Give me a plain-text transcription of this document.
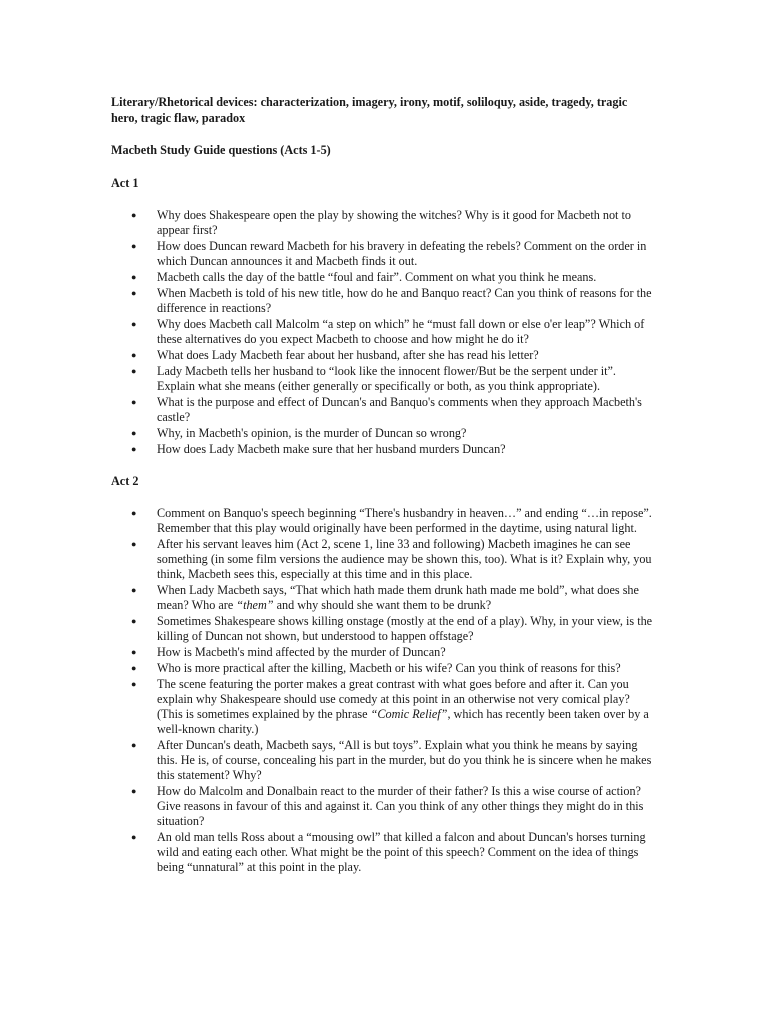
Literary/Rhetorical devices: characterization, imagery, irony, motif, soliloquy, aside, tragedy, tragic hero, tragic flaw, paradox
Macbeth Study Guide questions (Acts 1-5)
Act 1
● Why does Shakespeare open the play by showing the witches? Why is it good for Macbeth not to appear first?
● How does Duncan reward Macbeth for his bravery in defeating the rebels? Comment on the order in which Duncan announces it and Macbeth finds it out.
● Macbeth calls the day of the battle “foul and fair”. Comment on what you think he means.
● When Macbeth is told of his new title, how do he and Banquo react? Can you think of reasons for the difference in reactions?
● Why does Macbeth call Malcolm “a step on which” he “must fall down or else o'er leap”? Which of these alternatives do you expect Macbeth to choose and how might he do it?
● What does Lady Macbeth fear about her husband, after she has read his letter?
● Lady Macbeth tells her husband to “look like the innocent flower/But be the serpent under it”. Explain what she means (either generally or specifically or both, as you think appropriate).
● What is the purpose and effect of Duncan's and Banquo's comments when they approach Macbeth's castle?
● Why, in Macbeth's opinion, is the murder of Duncan so wrong?
● How does Lady Macbeth make sure that her husband murders Duncan?
Act 2
● Comment on Banquo's speech beginning “There's husbandry in heaven…” and ending “…in repose”. Remember that this play would originally have been performed in the daytime, using natural light.
● After his servant leaves him (Act 2, scene 1, line 33 and following) Macbeth imagines he can see something (in some film versions the audience may be shown this, too). What is it? Explain why, you think, Macbeth sees this, especially at this time and in this place.
● When Lady Macbeth says, “That which hath made them drunk hath made me bold”, what does she mean? Who are “them” and why should she want them to be drunk?
● Sometimes Shakespeare shows killing onstage (mostly at the end of a play). Why, in your view, is the killing of Duncan not shown, but understood to happen offstage?
● How is Macbeth's mind affected by the murder of Duncan?
● Who is more practical after the killing, Macbeth or his wife? Can you think of reasons for this?
● The scene featuring the porter makes a great contrast with what goes before and after it. Can you explain why Shakespeare should use comedy at this point in an otherwise not very comical play? (This is sometimes explained by the phrase “Comic Relief”, which has recently been taken over by a well-known charity.)
● After Duncan's death, Macbeth says, “All is but toys”. Explain what you think he means by saying this. He is, of course, concealing his part in the murder, but do you think he is sincere when he makes this statement? Why?
● How do Malcolm and Donalbain react to the murder of their father? Is this a wise course of action? Give reasons in favour of this and against it. Can you think of any other things they might do in this situation?
● An old man tells Ross about a “mousing owl” that killed a falcon and about Duncan's horses turning wild and eating each other. What might be the point of this speech? Comment on the idea of things being “unnatural” at this point in the play.
